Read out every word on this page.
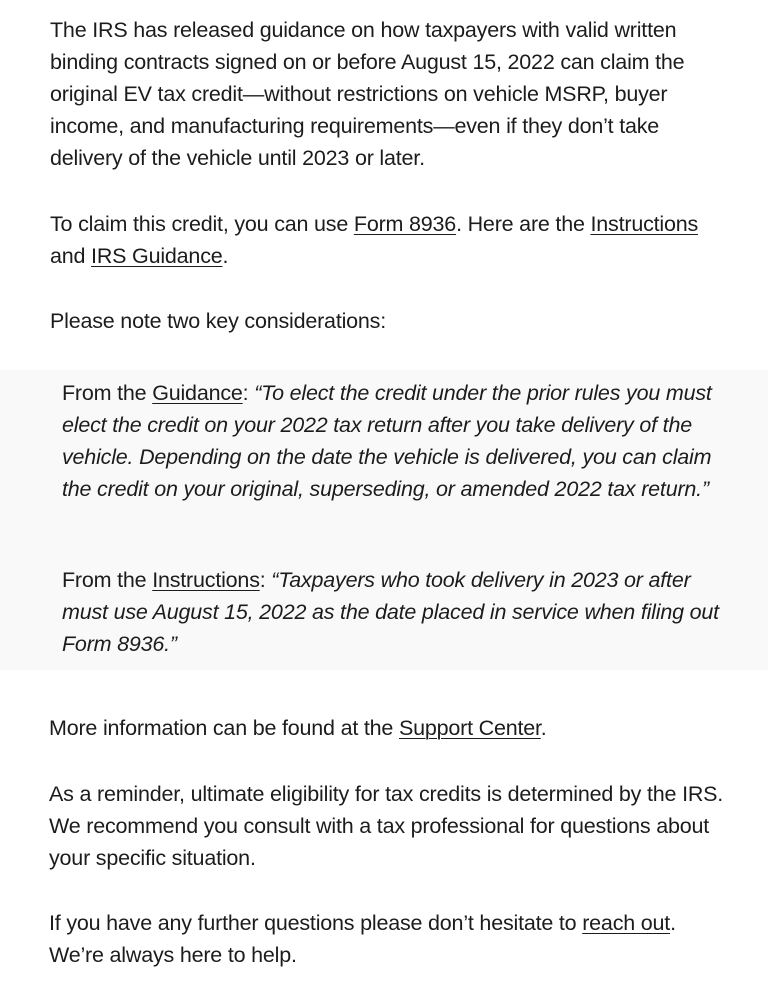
The IRS has released guidance on how taxpayers with valid written binding contracts signed on or before August 15, 2022 can claim the original EV tax credit—without restrictions on vehicle MSRP, buyer income, and manufacturing requirements—even if they don’t take delivery of the vehicle until 2023 or later.

To claim this credit, you can use Form 8936. Here are the Instructions and IRS Guidance.

Please note two key considerations:

From the Guidance: “To elect the credit under the prior rules you must elect the credit on your 2022 tax return after you take delivery of the vehicle. Depending on the date the vehicle is delivered, you can claim the credit on your original, superseding, or amended 2022 tax return.”

From the Instructions: “Taxpayers who took delivery in 2023 or after must use August 15, 2022 as the date placed in service when filing out Form 8936.”

More information can be found at the Support Center.

As a reminder, ultimate eligibility for tax credits is determined by the IRS. We recommend you consult with a tax professional for questions about your specific situation.

If you have any further questions please don’t hesitate to reach out. We’re always here to help.
